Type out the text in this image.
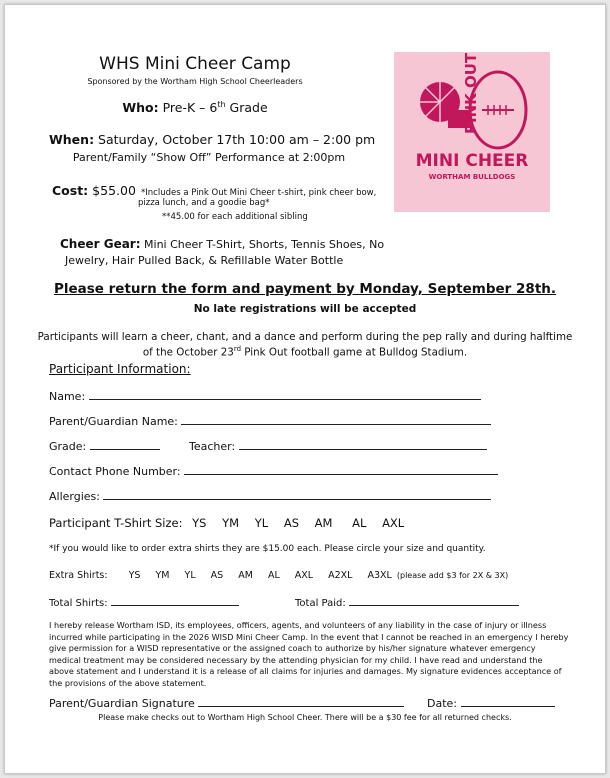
WHS Mini Cheer Camp
Sponsored by the Wortham High School Cheerleaders
Who: Pre-K – 6th Grade
When: Saturday, October 17th 10:00 am – 2:00 pm
Parent/Family “Show Off” Performance at 2:00pm
Cost: $55.00 *Includes a Pink Out Mini Cheer t-shirt, pink cheer bow,
pizza lunch, and a goodie bag*
**45.00 for each additional sibling
Cheer Gear: Mini Cheer T-Shirt, Shorts, Tennis Shoes, No
Jewelry, Hair Pulled Back, & Refillable Water Bottle
PINK OUT
MINI CHEER
WORTHAM BULLDOGS
Please return the form and payment by Monday, September 28th.
No late registrations will be accepted
Participants will learn a cheer, chant, and a dance and perform during the pep rally and during halftime
of the October 23rd Pink Out football game at Bulldog Stadium.
Participant Information:
Name:
Parent/Guardian Name:
Grade:	Teacher:
Contact Phone Number:
Allergies:
Participant T-Shirt Size: YS YM YL AS AM AL AXL
*If you would like to order extra shirts they are $15.00 each. Please circle your size and quantity.
Extra Shirts: YS YM YL AS AM AL AXL A2XL A3XL (please add $3 for 2X & 3X)
Total Shirts:	Total Paid:
I hereby release Wortham ISD, its employees, officers, agents, and volunteers of any liability in the case of injury or illness incurred while participating in the 2026 WISD Mini Cheer Camp. In the event that I cannot be reached in an emergency I hereby give permission for a WISD representative or the assigned coach to authorize by his/her signature whatever emergency medical treatment may be considered necessary by the attending physician for my child. I have read and understand the above statement and I understand it is a release of all claims for injuries and damages. My signature evidences acceptance of the provisions of the above statement.
Parent/Guardian Signature	Date:
Please make checks out to Wortham High School Cheer. There will be a $30 fee for all returned checks.
